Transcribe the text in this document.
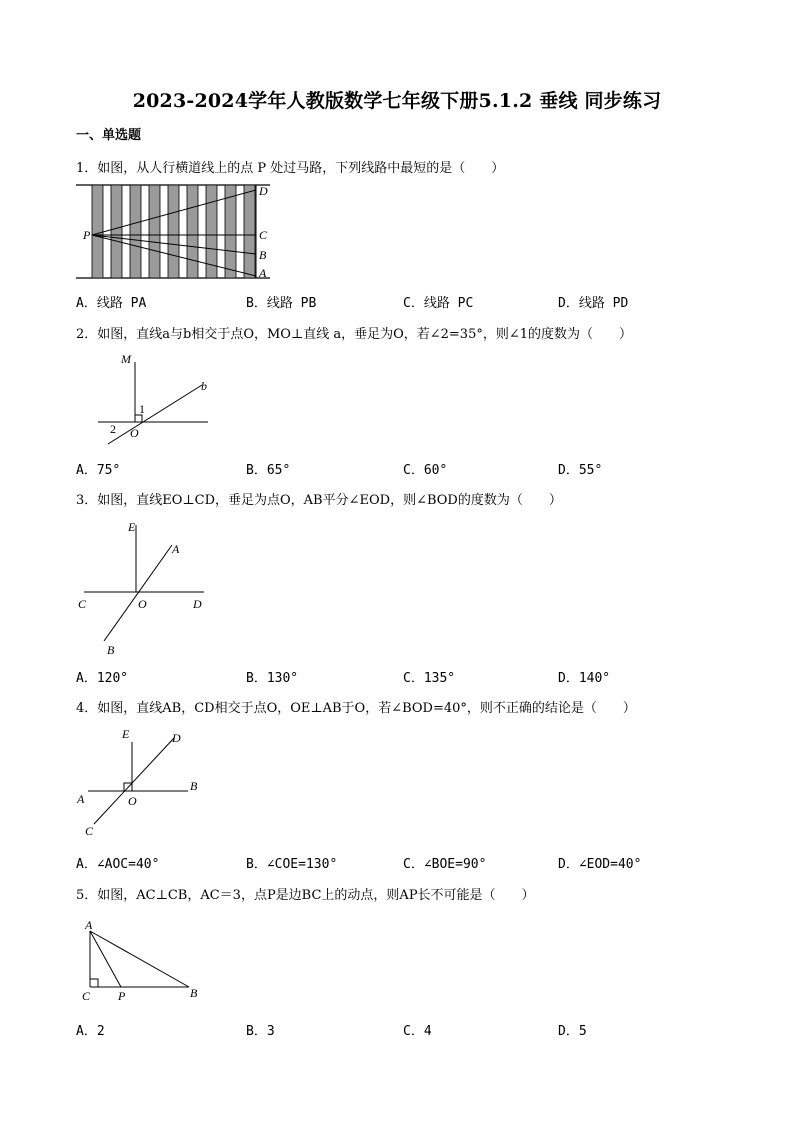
2023-2024学年人教版数学七年级下册5.1.2 垂线 同步练习
一、单选题
1．如图，从人行横道线上的点 P 处过马路，下列线路中最短的是（　　）
P
D
C
B
A
A．线路 PA	B．线路 PB	C．线路 PC	D．线路 PD
2．如图，直线a与b相交于点O，MO⊥直线 a，垂足为O，若∠2=35°，则∠1的度数为（　　）
M
b
1
2 O
A．75°	B．65°	C．60°	D．55°
3．如图，直线EO⊥CD，垂足为点O，AB平分∠EOD，则∠BOD的度数为（　　）
E
A
C	O	D
B
A．120°	B．130°	C．135°	D．140°
4．如图，直线AB，CD相交于点O，OE⊥AB于O，若∠BOD=40°，则不正确的结论是（　　）
E	D
A	O
B
C
A．∠AOC=40°	B．∠COE=130°	C．∠BOE=90°	D．∠EOD=40°
5．如图，AC⊥CB，AC＝3，点P是边BC上的动点，则AP长不可能是（　　）
A
C P	B
A．2	B．3	C．4	D．5
